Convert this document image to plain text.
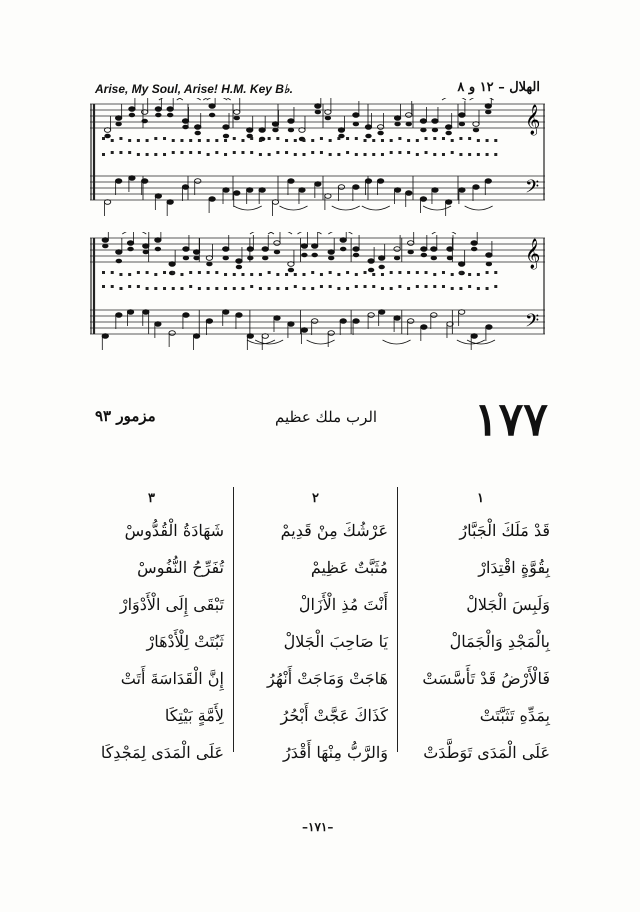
Arise, My Soul, Arise! H.M. Key B♭.	الهلال – ١٢ و ٨
𝄞
𝄢
𝄞
𝄢
١٧٧
الرب ملك عظيم
مزمور ٩٣
١
٢
٣
قَدْ مَلَكَ الْجَبَّارُ
بِقُوَّةٍ اقْتِدَارْ
وَلَبِسَ الْجَلالْ
بِالْمَجْدِ وَالْجَمَالْ
فَالْأَرْضُ قَدْ تَأَسَّسَتْ
بِمَدِّهِ تَثَبَّتَتْ
عَلَى الْمَدَى تَوَطَّدَتْ
عَرْشُكَ مِنْ قَدِيمْ
مُثَبَّتٌ عَظِيمْ
أَنْتَ مُذِ الْأَزَالْ
يَا صَاحِبَ الْجَلالْ
هَاجَتْ وَمَاجَتْ أَنْهُرُ
كَذَاكَ عَجَّتْ أَبْحُرُ
وَالرَّبُّ مِنْهَا أَقْدَرُ
شَهَادَةُ الْقُدُّوسْ
تُفَرِّحُ النُّفُوسْ
تَبْقَى إِلَى الْأَدْوَارْ
ثَبُتَتْ لِلْأَدْهَارْ
إِنَّ الْقَدَاسَةَ أَتَتْ
لِأَمَّةٍ بَيْتِكَا
عَلَى الْمَدَى لِمَجْدِكَا
–١٧١–
